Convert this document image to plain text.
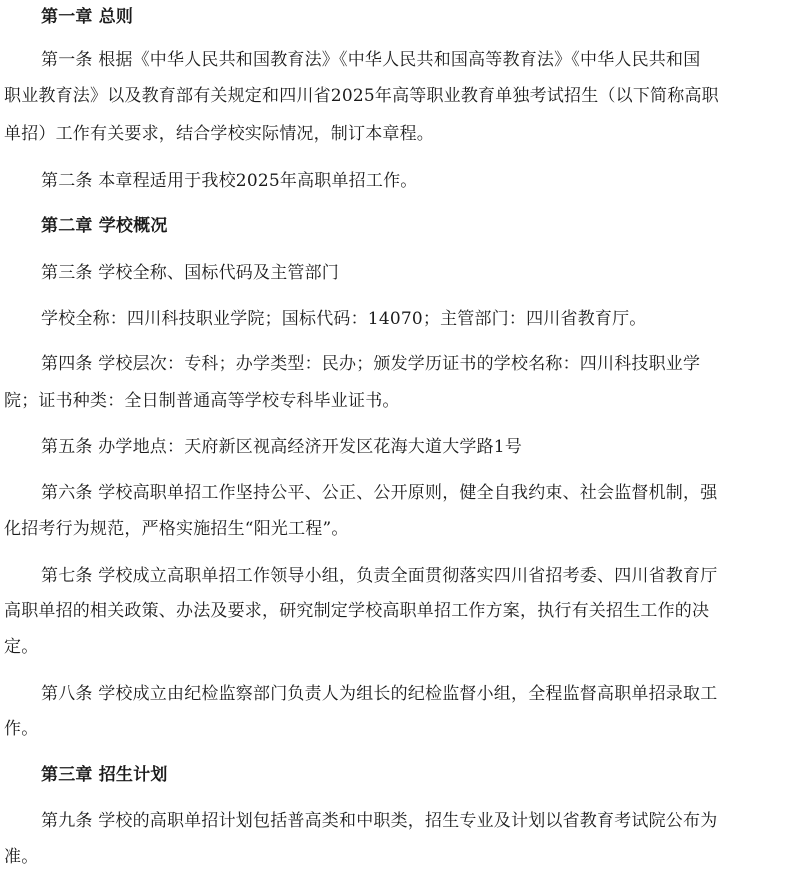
第一章 总则
第一条 根据《中华人民共和国教育法》《中华人民共和国高等教育法》《中华人民共和国
职业教育法》以及教育部有关规定和四川省2025年高等职业教育单独考试招生（以下简称高职
单招）工作有关要求，结合学校实际情况，制订本章程。
第二条 本章程适用于我校2025年高职单招工作。
第二章 学校概况
第三条 学校全称、国标代码及主管部门
学校全称：四川科技职业学院；国标代码：14070；主管部门：四川省教育厅。
第四条 学校层次：专科；办学类型：民办；颁发学历证书的学校名称：四川科技职业学
院；证书种类：全日制普通高等学校专科毕业证书。
第五条 办学地点：天府新区视高经济开发区花海大道大学路1号
第六条 学校高职单招工作坚持公平、公正、公开原则，健全自我约束、社会监督机制，强
化招考行为规范，严格实施招生“阳光工程”。
第七条 学校成立高职单招工作领导小组，负责全面贯彻落实四川省招考委、四川省教育厅
高职单招的相关政策、办法及要求，研究制定学校高职单招工作方案，执行有关招生工作的决
定。
第八条 学校成立由纪检监察部门负责人为组长的纪检监督小组，全程监督高职单招录取工
作。
第三章 招生计划
第九条 学校的高职单招计划包括普高类和中职类，招生专业及计划以省教育考试院公布为
准。
